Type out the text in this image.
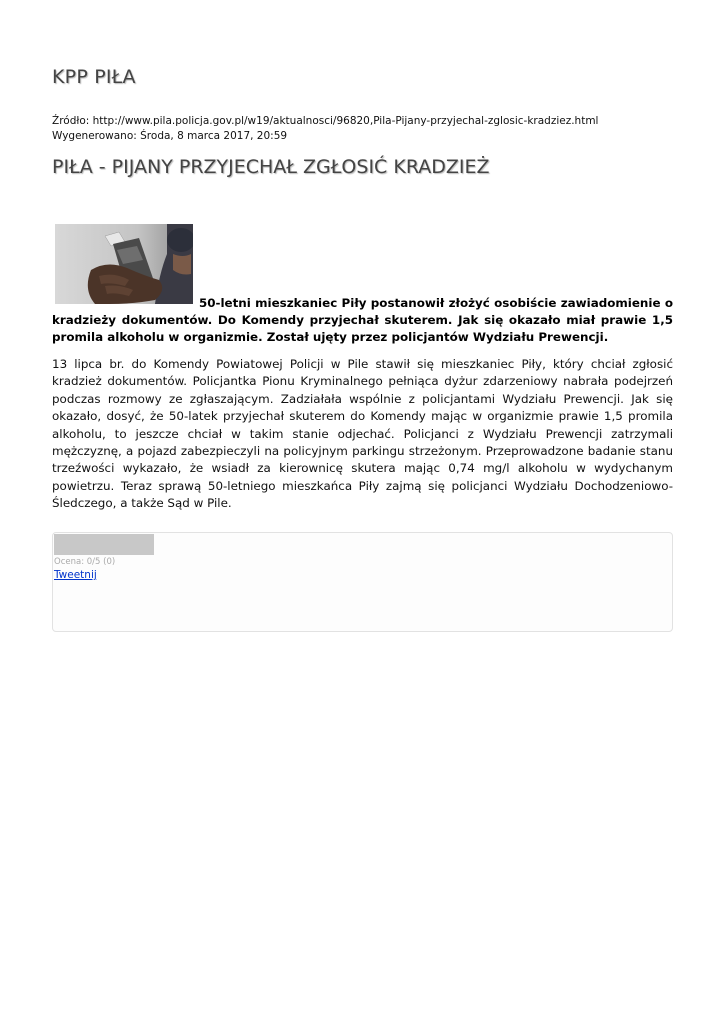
KPP PIŁA
Źródło: http://www.pila.policja.gov.pl/w19/aktualnosci/96820,Pila-Pijany-przyjechal-zglosic-kradziez.html
Wygenerowano: Środa, 8 marca 2017, 20:59
PIŁA - PIJANY PRZYJECHAŁ ZGŁOSIĆ KRADZIEŻ

50-letni mieszkaniec Piły postanowił złożyć osobiście zawiadomienie o kradzieży dokumentów. Do Komendy przyjechał skuterem. Jak się okazało miał prawie 1,5 promila alkoholu w organizmie. Został ujęty przez policjantów Wydziału Prewencji.

13 lipca br. do Komendy Powiatowej Policji w Pile stawił się mieszkaniec Piły, który chciał zgłosić kradzież dokumentów. Policjantka Pionu Kryminalnego pełniąca dyżur zdarzeniowy nabrała podejrzeń podczas rozmowy ze zgłaszającym. Zadziałała wspólnie z policjantami Wydziału Prewencji. Jak się okazało, dosyć, że 50-latek przyjechał skuterem do Komendy mając w organizmie prawie 1,5 promila alkoholu, to jeszcze chciał w takim stanie odjechać. Policjanci z Wydziału Prewencji zatrzymali mężczyznę, a pojazd zabezpieczyli na policyjnym parkingu strzeżonym. Przeprowadzone badanie stanu trzeźwości wykazało, że wsiadł za kierownicę skutera mając 0,74 mg/l alkoholu w wydychanym powietrzu. Teraz sprawą 50-letniego mieszkańca Piły zajmą się policjanci Wydziału Dochodzeniowo-Śledczego, a także Sąd w Pile.

Ocena: 0/5 (0)
Tweetnij
